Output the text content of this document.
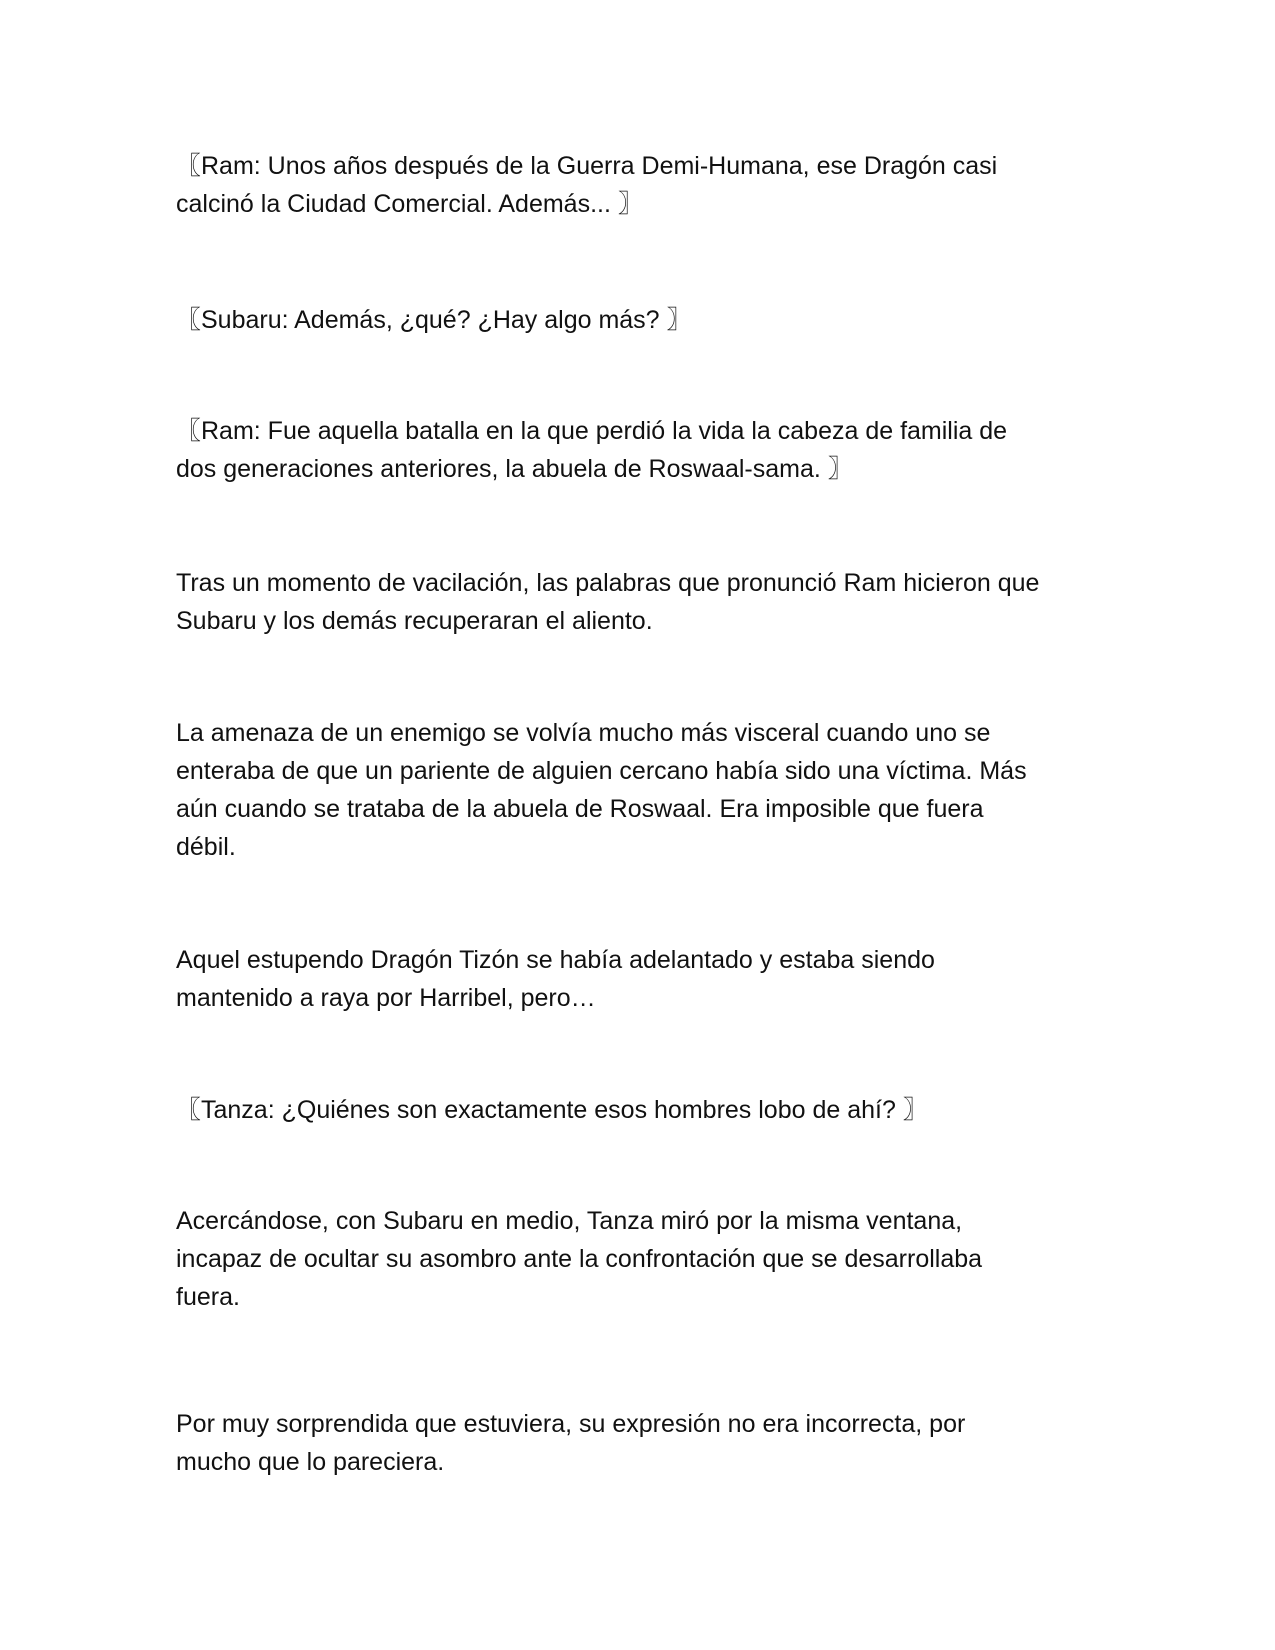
〖Ram: Unos años después de la Guerra Demi-Humana, ese Dragón casi
calcinó la Ciudad Comercial. Además... 〗

〖Subaru: Además, ¿qué? ¿Hay algo más? 〗

〖Ram: Fue aquella batalla en la que perdió la vida la cabeza de familia de
dos generaciones anteriores, la abuela de Roswaal-sama. 〗

Tras un momento de vacilación, las palabras que pronunció Ram hicieron que
Subaru y los demás recuperaran el aliento.

La amenaza de un enemigo se volvía mucho más visceral cuando uno se
enteraba de que un pariente de alguien cercano había sido una víctima. Más
aún cuando se trataba de la abuela de Roswaal. Era imposible que fuera
débil.

Aquel estupendo Dragón Tizón se había adelantado y estaba siendo
mantenido a raya por Harribel, pero…

〖Tanza: ¿Quiénes son exactamente esos hombres lobo de ahí? 〗

Acercándose, con Subaru en medio, Tanza miró por la misma ventana,
incapaz de ocultar su asombro ante la confrontación que se desarrollaba
fuera.

Por muy sorprendida que estuviera, su expresión no era incorrecta, por
mucho que lo pareciera.
